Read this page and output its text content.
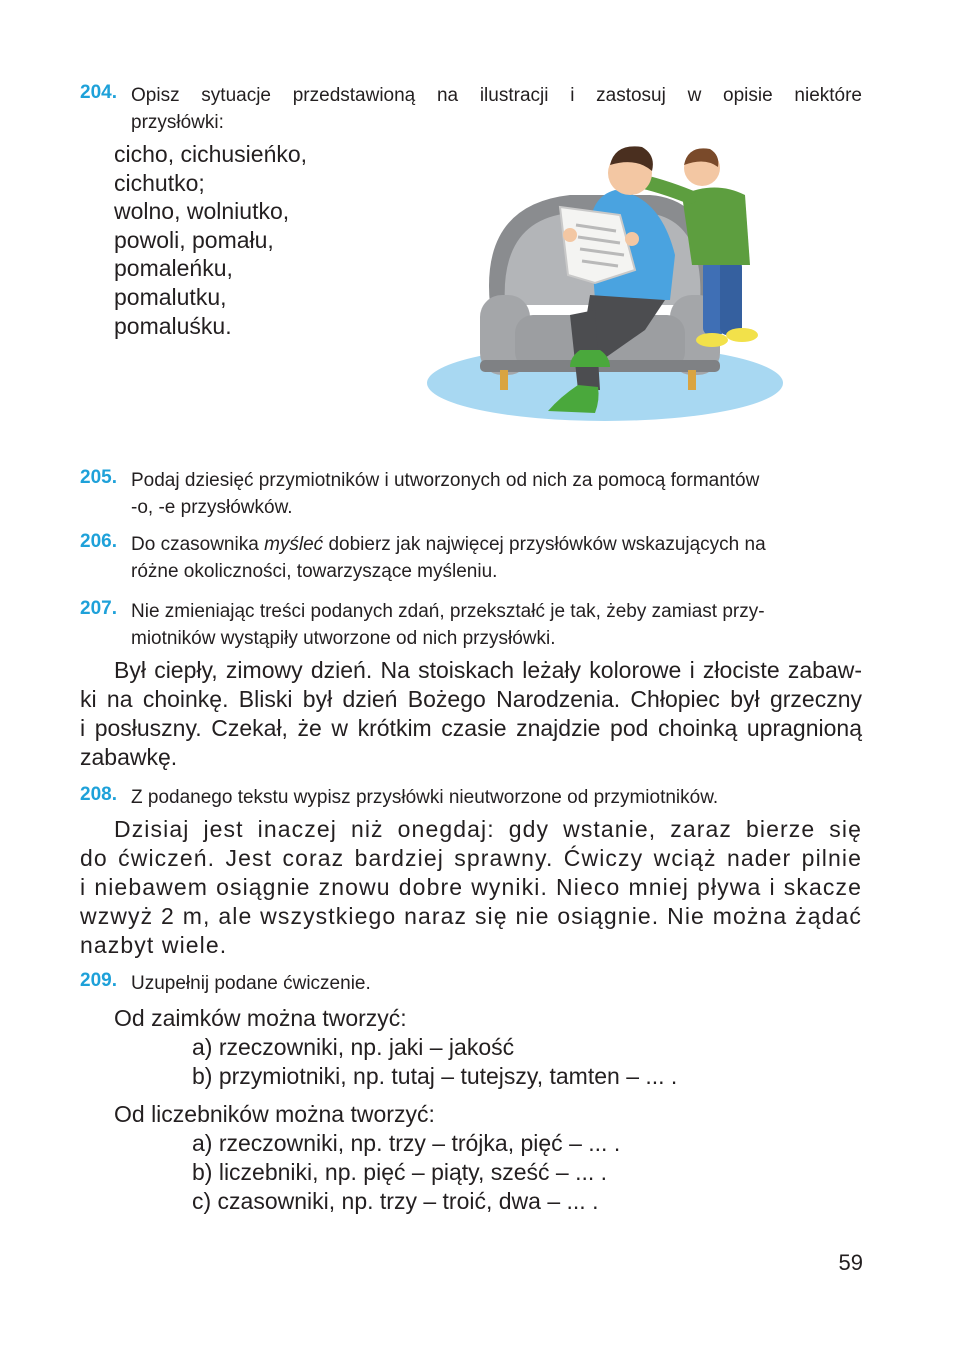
204. Opisz sytuacje przedstawioną na ilustracji i zastosuj w opisie niektóre
przysłówki:
cicho, cichusieńko,
cichutko;
wolno, wolniutko,
powoli, pomału,
pomaleńku,
pomalutku,
pomaluśku.
205. Podaj dziesięć przymiotników i utworzonych od nich za pomocą formantów
-o, -e przysłówków.
206. Do czasownika myśleć dobierz jak najwięcej przysłówków wskazujących na
różne okoliczności, towarzyszące myśleniu.
207. Nie zmieniając treści podanych zdań, przekształć je tak, żeby zamiast przy-
miotników wystąpiły utworzone od nich przysłówki.
Był ciepły, zimowy dzień. Na stoiskach leżały kolorowe i złociste zabaw-
ki na choinkę. Bliski był dzień Bożego Narodzenia. Chłopiec był grzeczny
i posłuszny. Czekał, że w krótkim czasie znajdzie pod choinką upragnioną
zabawkę.
208. Z podanego tekstu wypisz przysłówki nieutworzone od przymiotników.
Dzisiaj jest inaczej niż onegdaj: gdy wstanie, zaraz bierze się
do ćwiczeń. Jest coraz bardziej sprawny. Ćwiczy wciąż nader pilnie
i niebawem osiągnie znowu dobre wyniki. Nieco mniej pływa i skacze
wzwyż 2 m, ale wszystkiego naraz się nie osiągnie. Nie można żądać
nazbyt wiele.
209. Uzupełnij podane ćwiczenie.
Od zaimków można tworzyć:
a) rzeczowniki, np. jaki – jakość
b) przymiotniki, np. tutaj – tutejszy, tamten – ... .
Od liczebników można tworzyć:
a) rzeczowniki, np. trzy – trójka, pięć – ... .
b) liczebniki, np. pięć – piąty, sześć – ... .
c) czasowniki, np. trzy – troić, dwa – ... .
59
